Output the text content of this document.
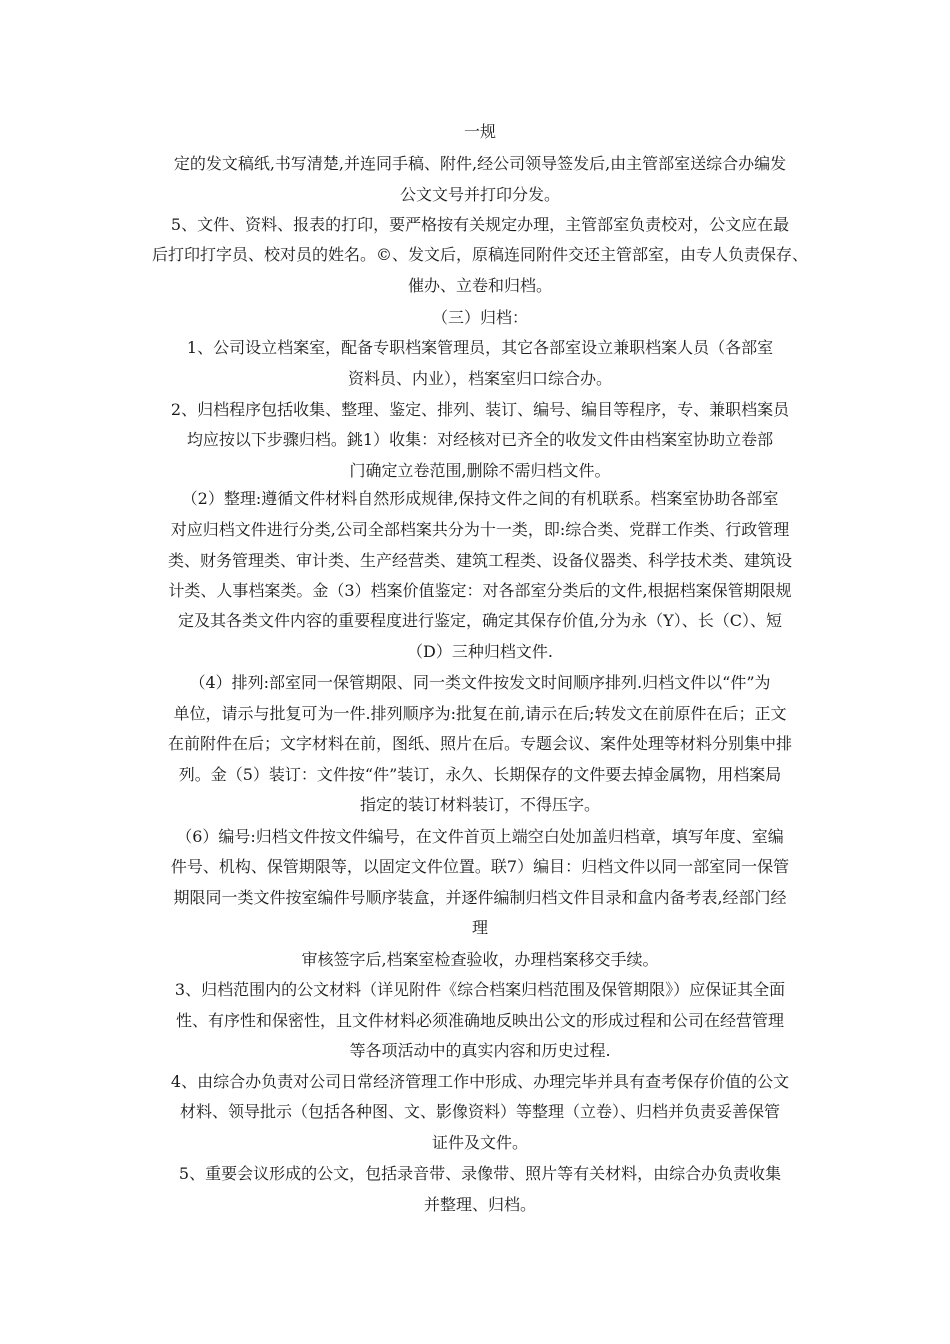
一规
定的发文稿纸,书写清楚,并连同手稿、附件,经公司领导签发后,由主管部室送综合办编发
公文文号并打印分发。
5、文件、资料、报表的打印，要严格按有关规定办理，主管部室负责校对，公文应在最
后打印打字员、校对员的姓名。©、发文后，原稿连同附件交还主管部室，由专人负责保存、
催办、立卷和归档。
（三）归档：
1、公司设立档案室，配备专职档案管理员，其它各部室设立兼职档案人员（各部室
资料员、内业），档案室归口综合办。
2、归档程序包括收集、整理、鉴定、排列、装订、编号、编目等程序，专、兼职档案员
均应按以下步骤归档。銚1）收集：对经核对已齐全的收发文件由档案室协助立卷部
门确定立卷范围,删除不需归档文件。
（2）整理:遵循文件材料自然形成规律,保持文件之间的有机联系。档案室协助各部室
对应归档文件进行分类,公司全部档案共分为十一类，即:综合类、党群工作类、行政管理
类、财务管理类、审计类、生产经营类、建筑工程类、设备仪器类、科学技术类、建筑设
计类、人事档案类。金（3）档案价值鉴定：对各部室分类后的文件,根据档案保管期限规
定及其各类文件内容的重要程度进行鉴定，确定其保存价值,分为永（Y）、长（C）、短
（D）三种归档文件.
（4）排列:部室同一保管期限、同一类文件按发文时间顺序排列.归档文件以“件”为
单位，请示与批复可为一件.排列顺序为:批复在前,请示在后;转发文在前原件在后；正文
在前附件在后；文字材料在前，图纸、照片在后。专题会议、案件处理等材料分别集中排
列。金（5）装订：文件按“件”装订，永久、长期保存的文件要去掉金属物，用档案局
指定的装订材料装订，不得压字。
（6）编号:归档文件按文件编号，在文件首页上端空白处加盖归档章，填写年度、室编
件号、机构、保管期限等，以固定文件位置。联7）编目：归档文件以同一部室同一保管
期限同一类文件按室编件号顺序装盒，并逐件编制归档文件目录和盒内备考表,经部门经
理
审核签字后,档案室检查验收，办理档案移交手续。
3、归档范围内的公文材料（详见附件《综合档案归档范围及保管期限》）应保证其全面
性、有序性和保密性，且文件材料必须准确地反映出公文的形成过程和公司在经营管理
等各项活动中的真实内容和历史过程.
4、由综合办负责对公司日常经济管理工作中形成、办理完毕并具有查考保存价值的公文
材料、领导批示（包括各种图、文、影像资料）等整理（立卷）、归档并负责妥善保管
证件及文件。
5、重要会议形成的公文，包括录音带、录像带、照片等有关材料，由综合办负责收集
并整理、归档。
